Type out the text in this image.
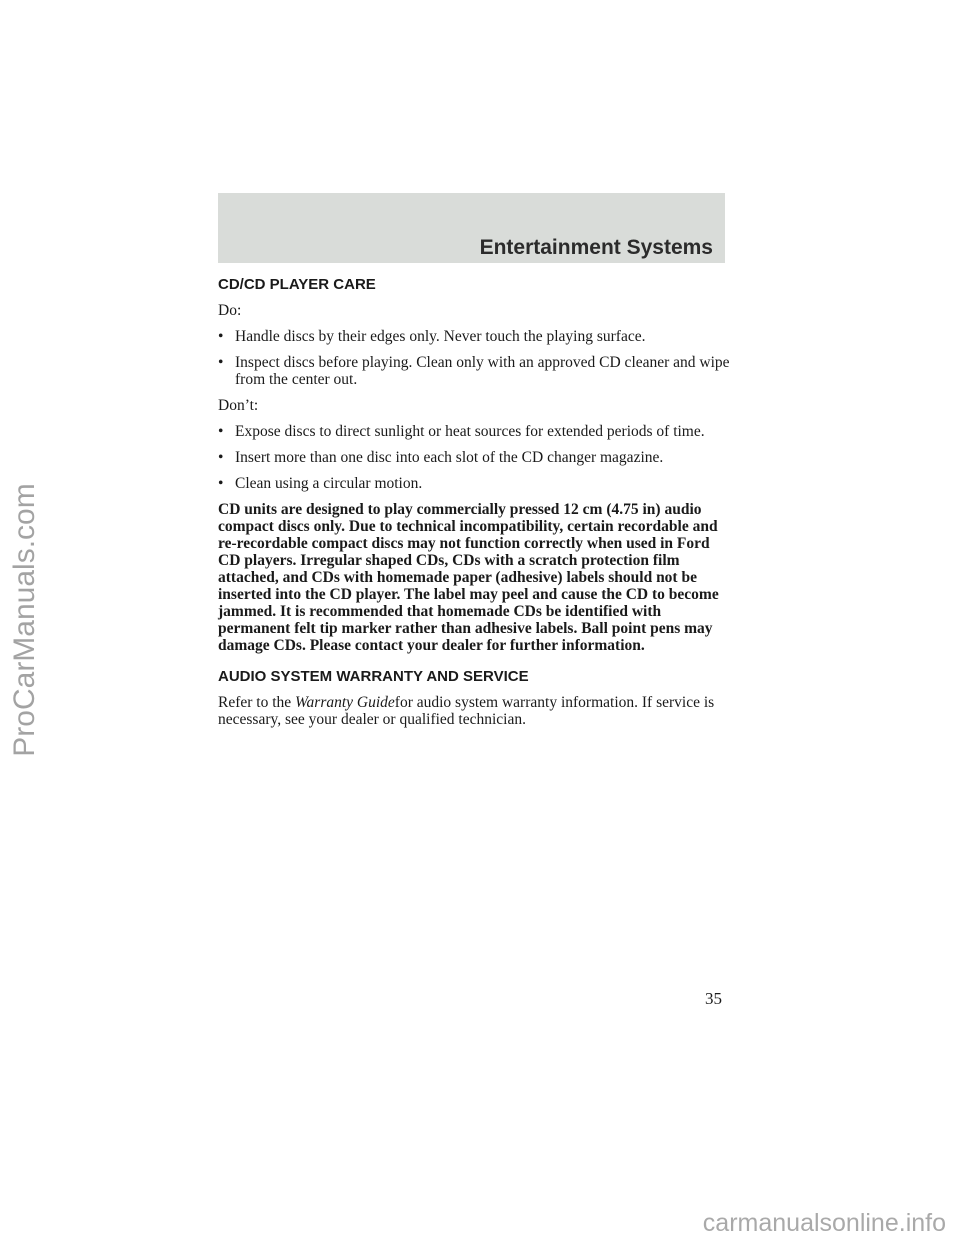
Entertainment Systems
CD/CD PLAYER CARE
Do:
• Handle discs by their edges only. Never touch the playing surface.
• Inspect discs before playing. Clean only with an approved CD cleaner and wipe from the center out.
Don’t:
• Expose discs to direct sunlight or heat sources for extended periods of time.
• Insert more than one disc into each slot of the CD changer magazine.
• Clean using a circular motion.
CD units are designed to play commercially pressed 12 cm (4.75 in) audio compact discs only. Due to technical incompatibility, certain recordable and re-recordable compact discs may not function correctly when used in Ford CD players. Irregular shaped CDs, CDs with a scratch protection film attached, and CDs with homemade paper (adhesive) labels should not be inserted into the CD player. The label may peel and cause the CD to become jammed. It is recommended that homemade CDs be identified with permanent felt tip marker rather than adhesive labels. Ball point pens may damage CDs. Please contact your dealer for further information.
AUDIO SYSTEM WARRANTY AND SERVICE
Refer to the Warranty Guidefor audio system warranty information. If service is necessary, see your dealer or qualified technician.
35
ProCarManuals.com
carmanualsonline.info
